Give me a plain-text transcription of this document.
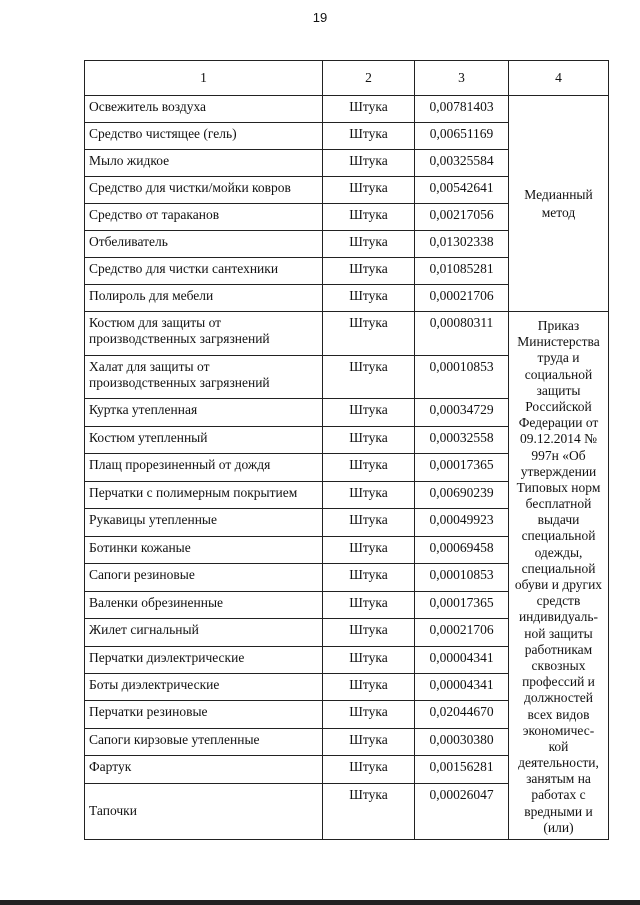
19
1	2	3	4
Освежитель воздуха	Штука	0,00781403	Медианный метод
Средство чистящее (гель)	Штука	0,00651169	
Мыло жидкое	Штука	0,00325584	
Средство для чистки/мойки ковров	Штука	0,00542641	
Средство от тараканов	Штука	0,00217056	
Отбеливатель	Штука	0,01302338	
Средство для чистки сантехники	Штука	0,01085281	
Полироль для мебели	Штука	0,00021706	
Костюм для защиты от производственных загрязнений	Штука	0,00080311	Приказ Министерства труда и социальной защиты Российской Федерации от 09.12.2014 № 997н «Об утверждении Типовых норм бесплатной выдачи специальной одежды, специальной обуви и других средств индивидуаль-ной защиты работникам сквозных профессий и должностей всех видов экономичес-кой деятельности, занятым на работах с вредными и (или)
Халат для защиты от производственных загрязнений	Штука	0,00010853	
Куртка утепленная	Штука	0,00034729	
Костюм утепленный	Штука	0,00032558	
Плащ прорезиненный от дождя	Штука	0,00017365	
Перчатки с полимерным покрытием	Штука	0,00690239	
Рукавицы утепленные	Штука	0,00049923	
Ботинки кожаные	Штука	0,00069458	
Сапоги резиновые	Штука	0,00010853	
Валенки обрезиненные	Штука	0,00017365	
Жилет сигнальный	Штука	0,00021706	
Перчатки диэлектрические	Штука	0,00004341	
Боты диэлектрические	Штука	0,00004341	
Перчатки резиновые	Штука	0,02044670	
Сапоги кирзовые утепленные	Штука	0,00030380	
Фартук	Штука	0,00156281	
Тапочки	Штука	0,00026047	
